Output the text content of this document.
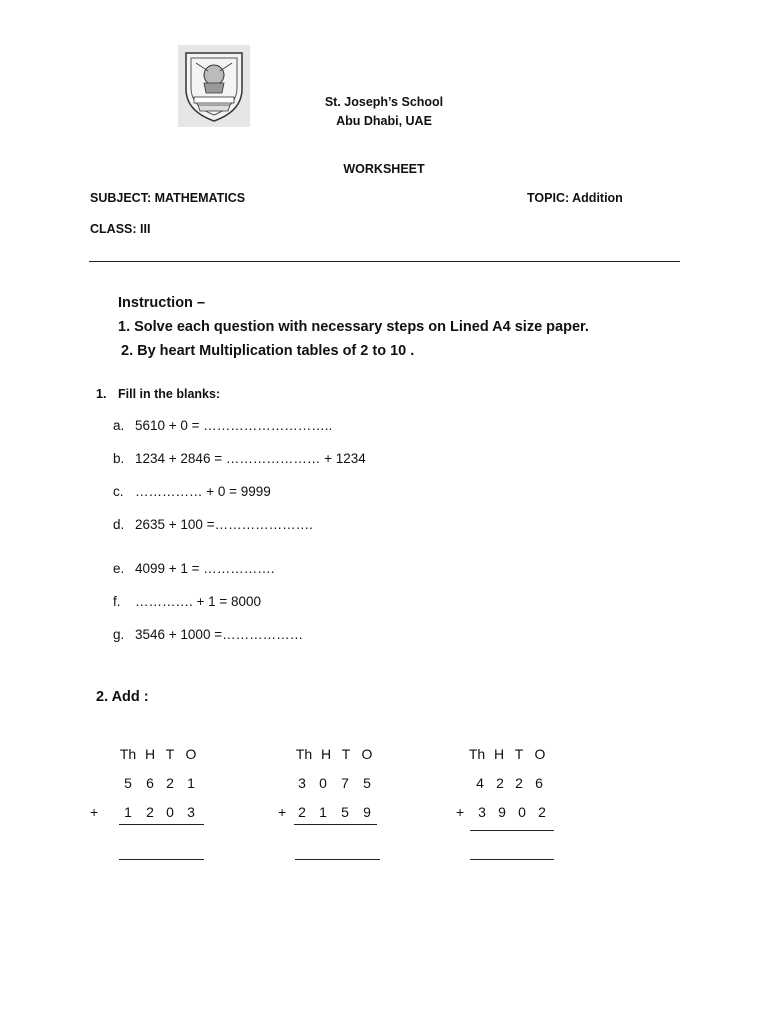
St. Joseph’s School
Abu Dhabi, UAE
WORKSHEET
SUBJECT: MATHEMATICS	TOPIC: Addition
CLASS: III
Instruction –
1. Solve each question with necessary steps on Lined A4 size paper.
2. By heart Multiplication tables of 2 to 10 .
1. Fill in the blanks:
a. 5610 + 0 = ………………………..
b. 1234 + 2846 = ………………… + 1234
c. …………… + 0 = 9999
d. 2635 + 100 =………………….
e. 4099 + 1 = …………….
f. …………. + 1 = 8000
g. 3546 + 1000 =………………
2. Add :
Th H T O
5	6 2 1
1	2 0 3
+
Th H T O
3 0	7	5
2 1	5	9
+
Th H T O
4 2 2 6
3 9 0 2
+
